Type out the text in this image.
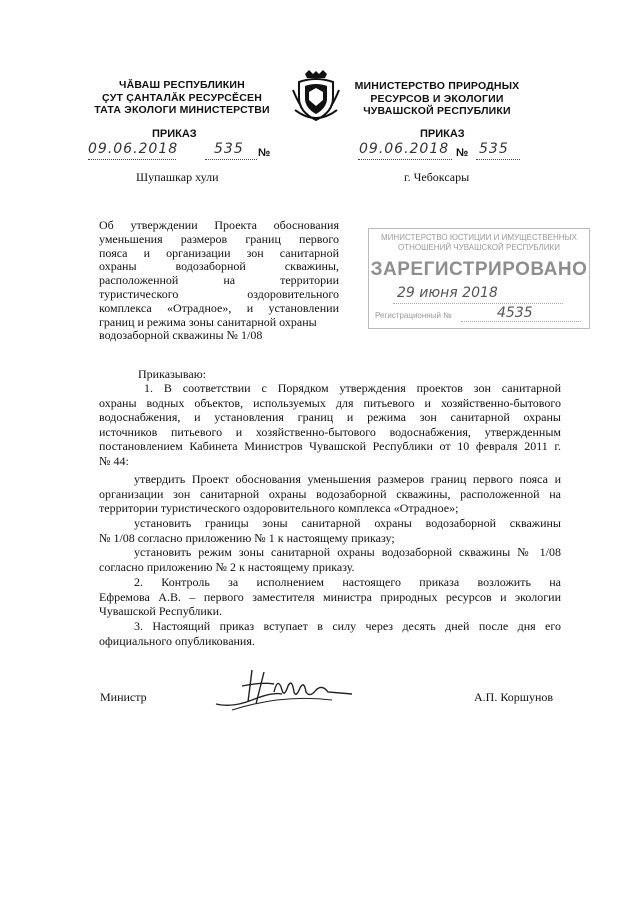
ЧӐВАШ РЕСПУБЛИКИН
ÇУТ ÇАНТАЛĂК РЕСУРСĔСЕН
ТАТА ЭКОЛОГИ МИНИСТЕРСТВИ
МИНИСТЕРСТВО ПРИРОДНЫХ
РЕСУРСОВ И ЭКОЛОГИИ
ЧУВАШСКОЙ РЕСПУБЛИКИ
ПРИКАЗ	ПРИКАЗ
09.06.2018	535 №	09.06.2018 № 535
Шупашкар хули	г. Чебоксары
Об утверждении Проекта обоснования
уменьшения размеров границ первого
пояса и организации зон санитарной
охраны водозаборной скважины,
расположенной на территории
туристического оздоровительного
комплекса «Отрадное», и установлении
границ и режима зоны санитарной охраны
водозаборной скважины № 1/08
МИНИСТЕРСТВО ЮСТИЦИИ И ИМУЩЕСТВЕННЫХ
ОТНОШЕНИЙ ЧУВАШСКОЙ РЕСПУБЛИКИ
ЗАРЕГИСТРИРОВАНО
29 июня 2018
Регистрационный №	4535
Приказываю:
1. В соответствии с Порядком утверждения проектов зон санитарной
охраны водных объектов, используемых для питьевого и хозяйственно-бытового
водоснабжения, и установления границ и режима зон санитарной охраны
источников питьевого и хозяйственно-бытового водоснабжения, утвержденным
постановлением Кабинета Министров Чувашской Республики от 10 февраля 2011 г.
№ 44:
утвердить Проект обоснования уменьшения размеров границ первого пояса и
организации зон санитарной охраны водозаборной скважины, расположенной на
территории туристического оздоровительного комплекса «Отрадное»;
установить границы зоны санитарной охраны водозаборной скважины
№ 1/08 согласно приложению № 1 к настоящему приказу;
установить режим зоны санитарной охраны водозаборной скважины № 1/08
согласно приложению № 2 к настоящему приказу.
2. Контроль за исполнением настоящего приказа возложить на
Ефремова А.В. – первого заместителя министра природных ресурсов и экологии
Чувашской Республики.
3. Настоящий приказ вступает в силу через десять дней после дня его
официального опубликования.
Министр	А.П. Коршунов
